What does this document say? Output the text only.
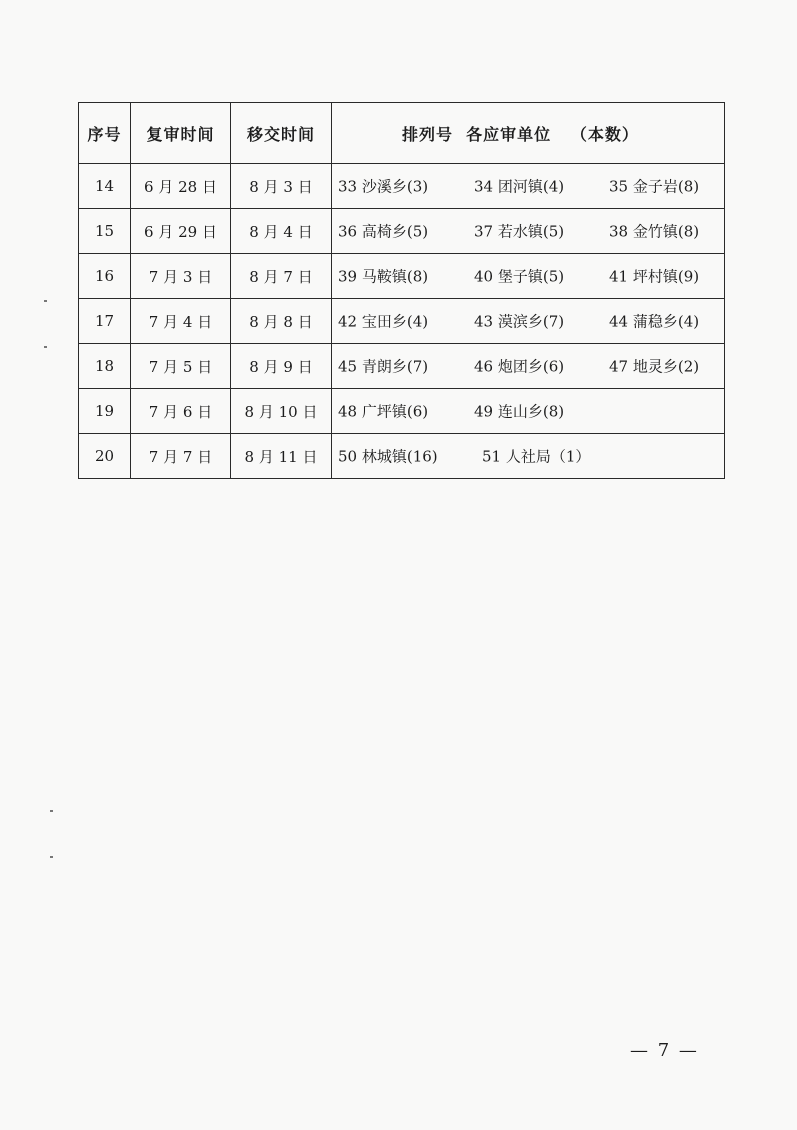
序号	复审时间	移交时间	排列号  各应审单位   （本数）
14	6 月 28 日	8 月 3 日	33 沙溪乡(3) 34 团河镇(4) 35 金子岩(8)

15	6 月 29 日	8 月 4 日	36 高椅乡(5) 37 若水镇(5) 38 金竹镇(8)

16	7 月 3 日	8 月 7 日	39 马鞍镇(8) 40 堡子镇(5) 41 坪村镇(9)

17	7 月 4 日	8 月 8 日	42 宝田乡(4) 43 漠滨乡(7) 44 蒲稳乡(4)

18	7 月 5 日	8 月 9 日	45 青朗乡(7) 46 炮团乡(6) 47 地灵乡(2)

19	7 月 6 日	8 月 10 日	48 广坪镇(6) 49 连山乡(8)

20	7 月 7 日	8 月 11 日	50 林城镇(16) 51 人社局（1）
— 7 —
